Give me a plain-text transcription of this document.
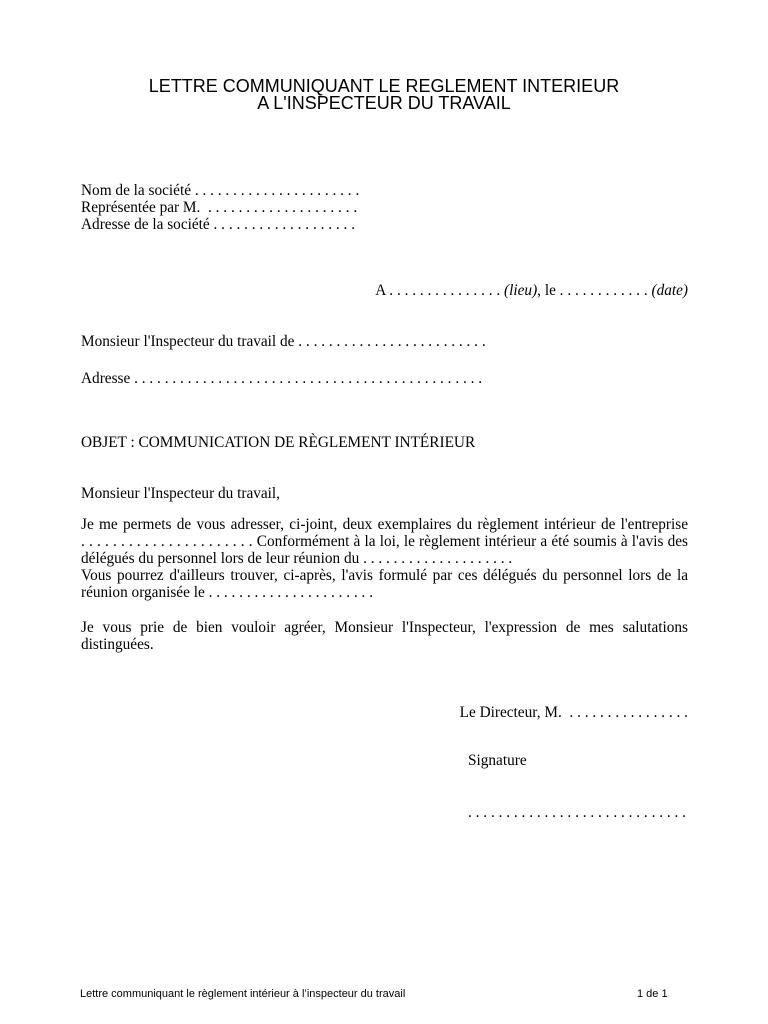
LETTRE COMMUNIQUANT LE REGLEMENT INTERIEUR
A L'INSPECTEUR DU TRAVAIL
Nom de la société . . . . . . . . . . . . . . . . . . . . . .
Représentée par M.  . . . . . . . . . . . . . . . . . . . .
Adresse de la société . . . . . . . . . . . . . . . . . . .

A . . . . . . . . . . . . . . . (lieu), le . . . . . . . . . . . . (date)

Monsieur l'Inspecteur du travail de . . . . . . . . . . . . . . . . . . . . . . . . .
Adresse . . . . . . . . . . . . . . . . . . . . . . . . . . . . . . . . . . . . . . . . . . . . . .
OBJET : COMMUNICATION DE RÈGLEMENT INTÉRIEUR
Monsieur l'Inspecteur du travail,
Je me permets de vous adresser, ci-joint, deux exemplaires du règlement intérieur de l'entreprise
. . . . . . . . . . . . . . . . . . . . . . Conformément à la loi, le règlement intérieur a été soumis à l'avis des
délégués du personnel lors de leur réunion du . . . . . . . . . . . . . . . . . . . .
Vous pourrez d'ailleurs trouver, ci-après, l'avis formulé par ces délégués du personnel lors de la
réunion organisée le . . . . . . . . . . . . . . . . . . . . . .
Je vous prie de bien vouloir agréer, Monsieur l'Inspecteur, l'expression de mes salutations
distinguées.
Le Directeur, M.  . . . . . . . . . . . . . . . .
Signature
. . . . . . . . . . . . . . . . . . . . . . . . . . . . .
Lettre communiquant le règlement intérieur à l’inspecteur du travail	1 de 1
